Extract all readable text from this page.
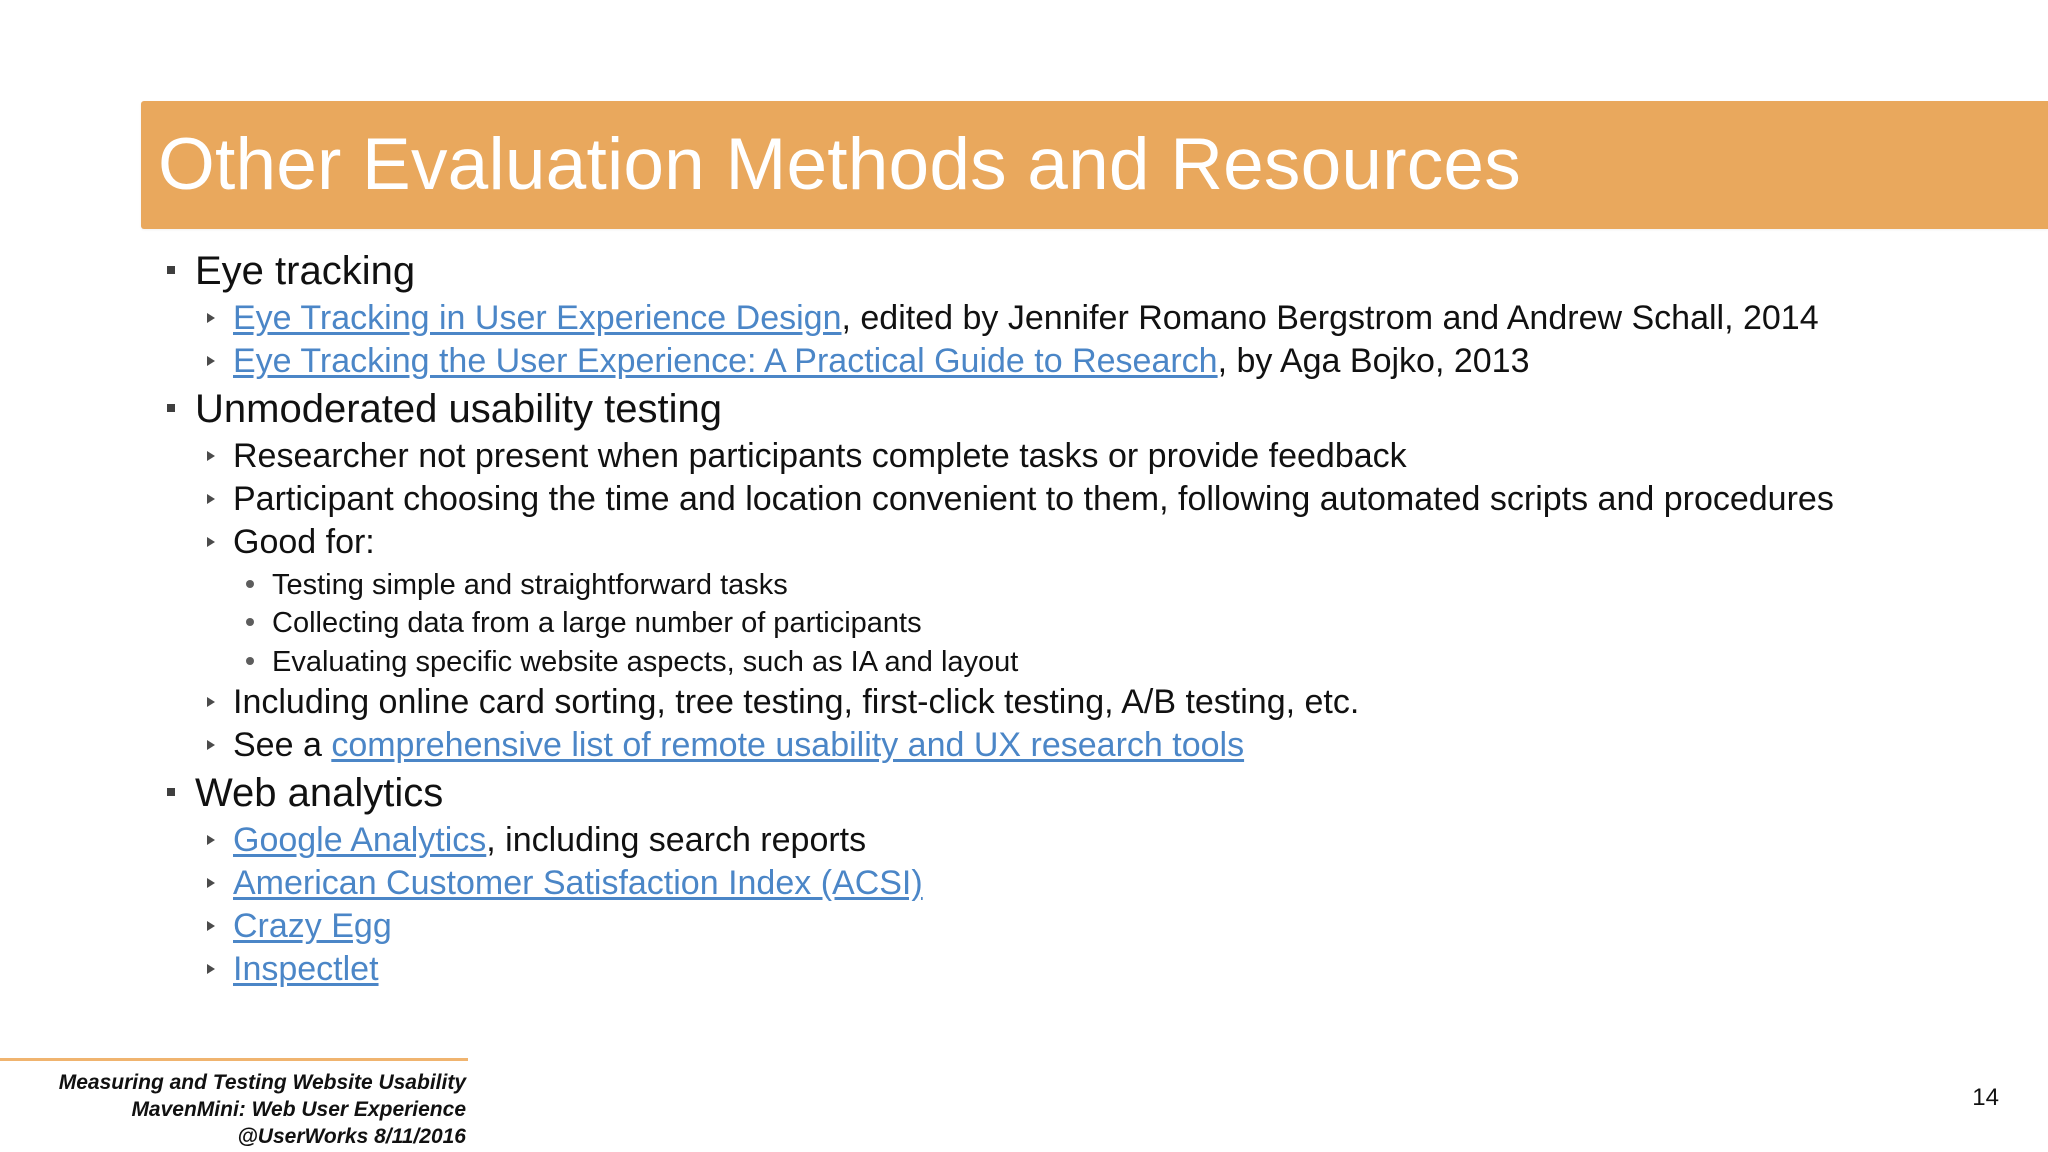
Other Evaluation Methods and Resources
Eye tracking
Eye Tracking in User Experience Design, edited by Jennifer Romano Bergstrom and Andrew Schall, 2014
Eye Tracking the User Experience: A Practical Guide to Research, by Aga Bojko, 2013
Unmoderated usability testing
Researcher not present when participants complete tasks or provide feedback
Participant choosing the time and location convenient to them, following automated scripts and procedures
Good for:
Testing simple and straightforward tasks
Collecting data from a large number of participants
Evaluating specific website aspects, such as IA and layout
Including online card sorting, tree testing, first-click testing, A/B testing, etc.
See a comprehensive list of remote usability and UX research tools
Web analytics
Google Analytics, including search reports
American Customer Satisfaction Index (ACSI)
Crazy Egg
Inspectlet
Measuring and Testing Website Usability
MavenMini: Web User Experience
@UserWorks 8/11/2016
14
